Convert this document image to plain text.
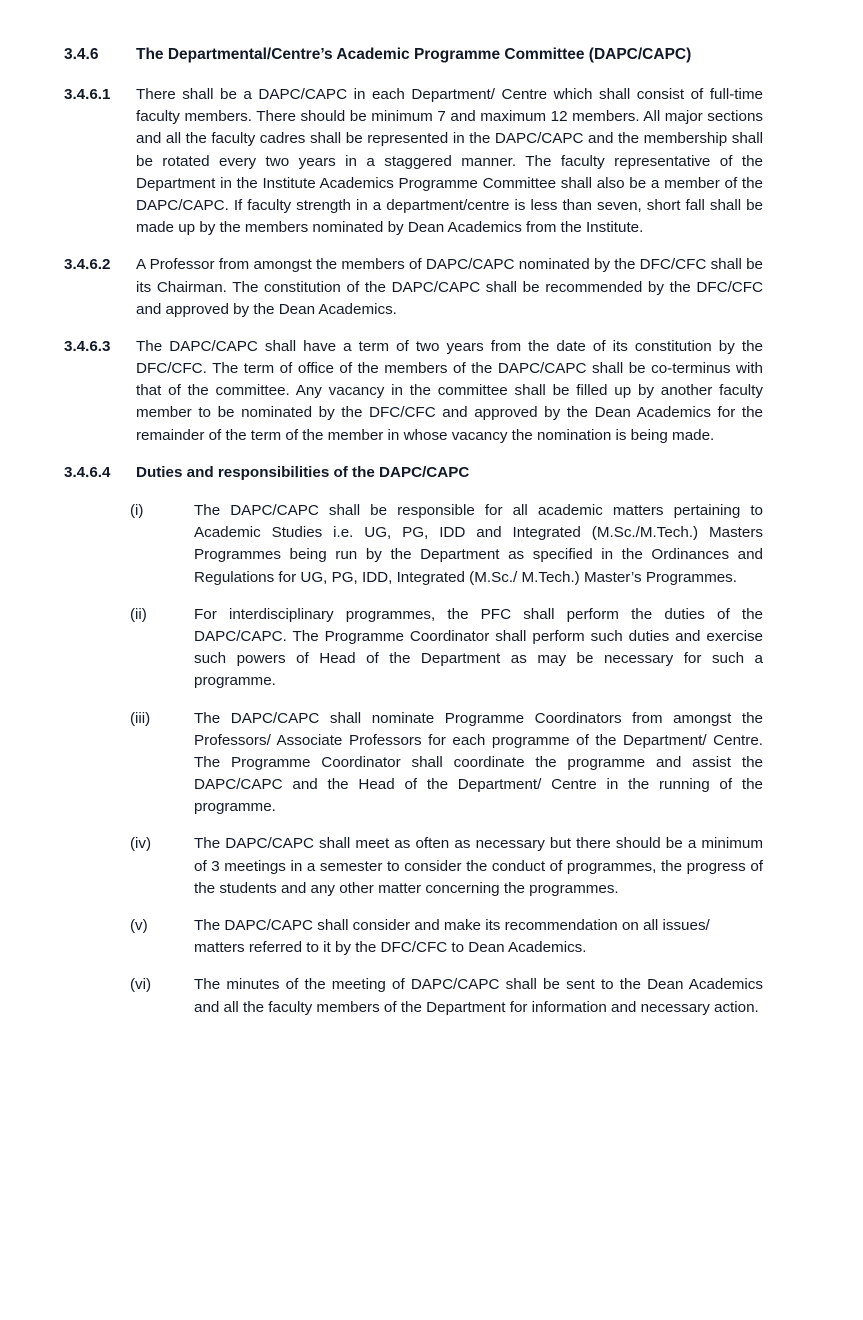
3.4.6	The Departmental/Centre’s Academic Programme Committee (DAPC/CAPC)
3.4.6.1	There shall be a DAPC/CAPC in each Department/ Centre which shall consist of full-time faculty members. There should be minimum 7 and maximum 12 members. All major sections and all the faculty cadres shall be represented in the DAPC/CAPC and the membership shall be rotated every two years in a staggered manner. The faculty representative of the Department in the Institute Academics Programme Committee shall also be a member of the DAPC/CAPC. If faculty strength in a department/centre is less than seven, short fall shall be made up by the members nominated by Dean Academics from the Institute.
3.4.6.2	A Professor from amongst the members of DAPC/CAPC nominated by the DFC/CFC shall be its Chairman. The constitution of the DAPC/CAPC shall be recommended by the DFC/CFC and approved by the Dean Academics.
3.4.6.3	The DAPC/CAPC shall have a term of two years from the date of its constitution by the DFC/CFC. The term of office of the members of the DAPC/CAPC shall be co-terminus with that of the committee. Any vacancy in the committee shall be filled up by another faculty member to be nominated by the DFC/CFC and approved by the Dean Academics for the remainder of the term of the member in whose vacancy the nomination is being made.
3.4.6.4	Duties and responsibilities of the DAPC/CAPC
(i)	The DAPC/CAPC shall be responsible for all academic matters pertaining to Academic Studies i.e. UG, PG, IDD and Integrated (M.Sc./M.Tech.) Masters Programmes being run by the Department as specified in the Ordinances and Regulations for UG, PG, IDD, Integrated (M.Sc./ M.Tech.) Master’s Programmes.
(ii)	For interdisciplinary programmes, the PFC shall perform the duties of the DAPC/CAPC. The Programme Coordinator shall perform such duties and exercise such powers of Head of the Department as may be necessary for such a programme.
(iii)	The DAPC/CAPC shall nominate Programme Coordinators from amongst the Professors/ Associate Professors for each programme of the Department/ Centre. The Programme Coordinator shall coordinate the programme and assist the DAPC/CAPC and the Head of the Department/ Centre in the running of the programme.
(iv)	The DAPC/CAPC shall meet as often as necessary but there should be a minimum of 3 meetings in a semester to consider the conduct of programmes, the progress of the students and any other matter concerning the programmes.
(v)	The DAPC/CAPC shall consider and make its recommendation on all issues/ matters referred to it by the DFC/CFC to Dean Academics.
(vi)	The minutes of the meeting of DAPC/CAPC shall be sent to the Dean Academics and all the faculty members of the Department for information and necessary action.
